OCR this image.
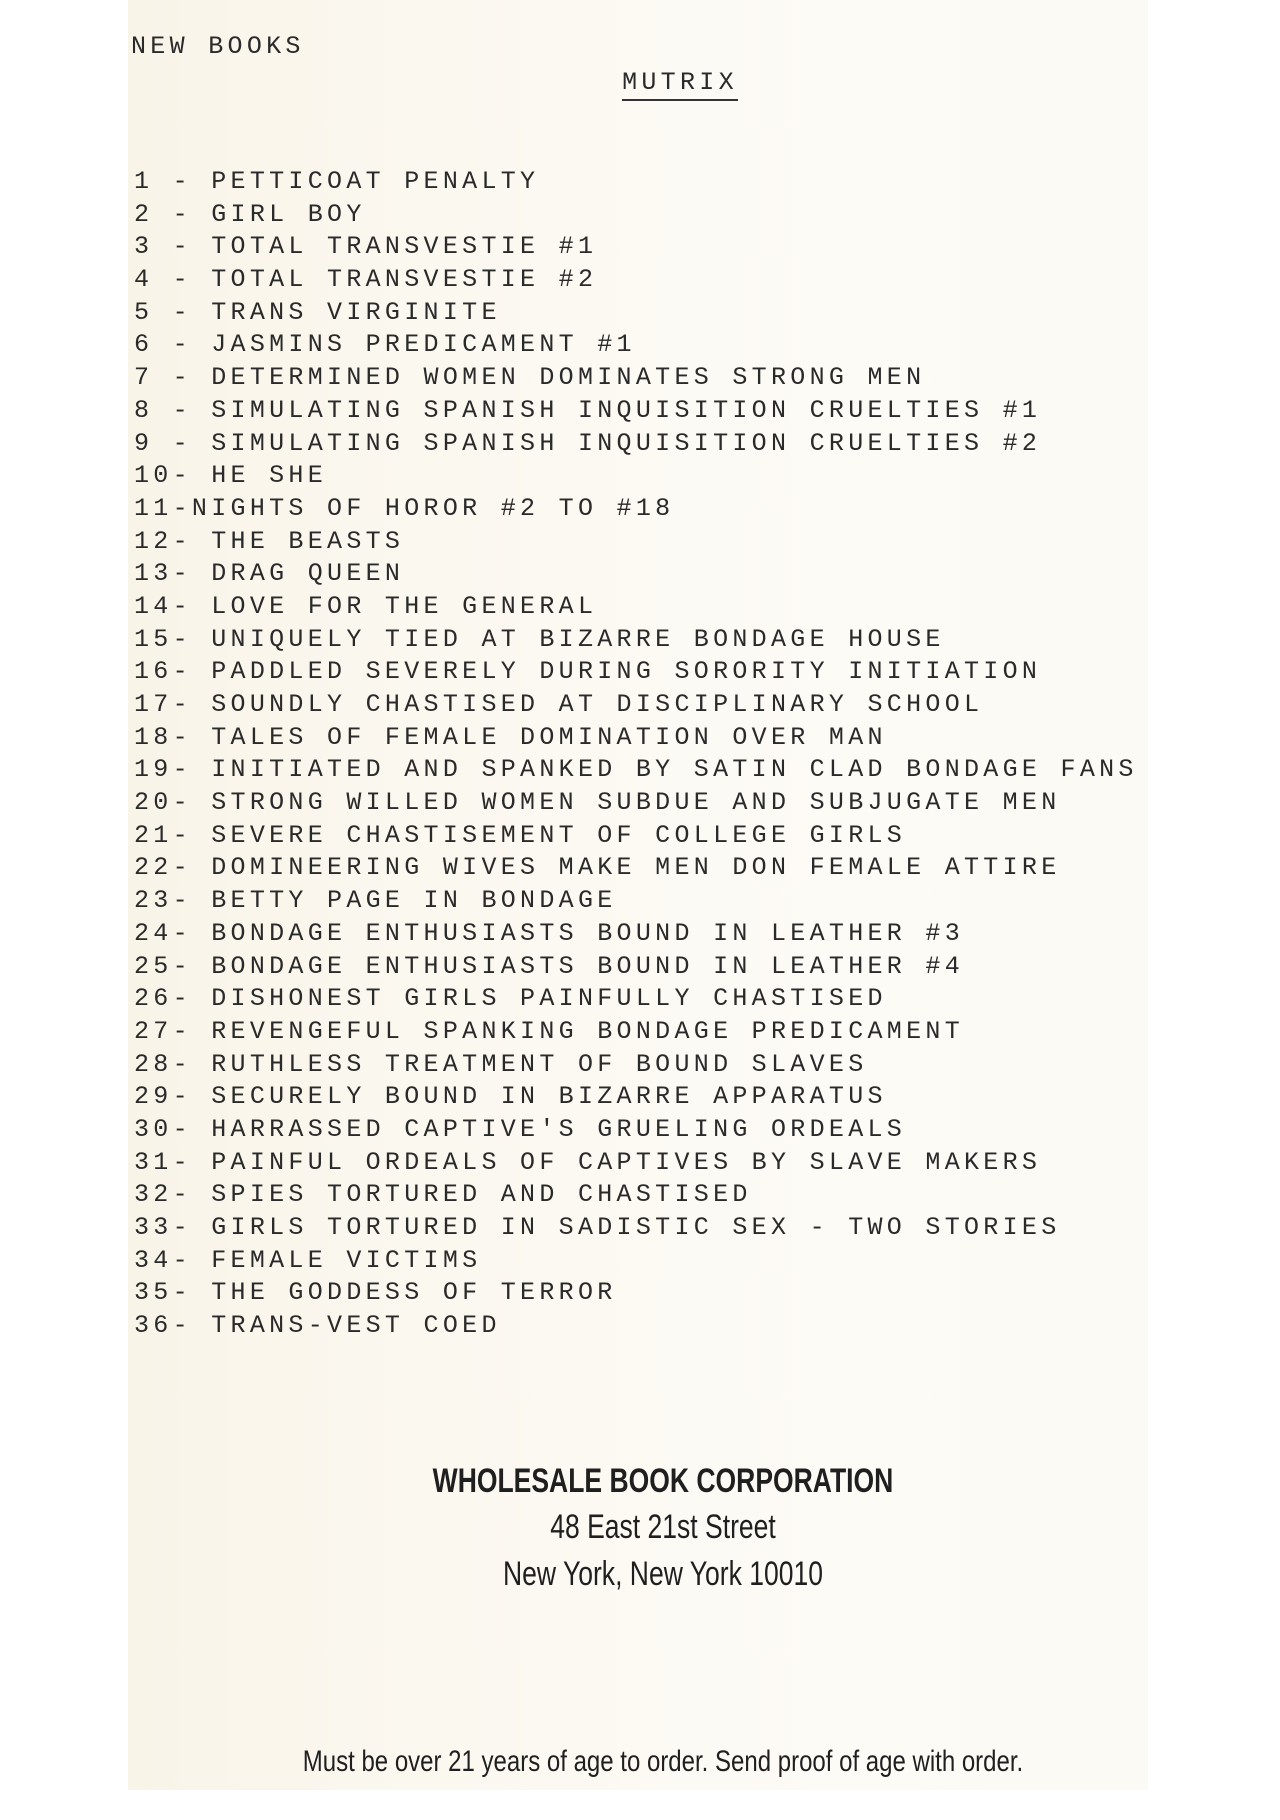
NEW BOOKS
MUTRIX
1 - PETTICOAT PENALTY
2 - GIRL BOY
3 - TOTAL TRANSVESTIE #1
4 - TOTAL TRANSVESTIE #2
5 - TRANS VIRGINITE
6 - JASMINS PREDICAMENT #1
7 - DETERMINED WOMEN DOMINATES STRONG MEN
8 - SIMULATING SPANISH INQUISITION CRUELTIES #1
9 - SIMULATING SPANISH INQUISITION CRUELTIES #2
10- HE SHE
11-NIGHTS OF HOROR #2 TO #18
12- THE BEASTS
13- DRAG QUEEN
14- LOVE FOR THE GENERAL
15- UNIQUELY TIED AT BIZARRE BONDAGE HOUSE
16- PADDLED SEVERELY DURING SORORITY INITIATION
17- SOUNDLY CHASTISED AT DISCIPLINARY SCHOOL
18- TALES OF FEMALE DOMINATION OVER MAN
19- INITIATED AND SPANKED BY SATIN CLAD BONDAGE FANS
20- STRONG WILLED WOMEN SUBDUE AND SUBJUGATE MEN
21- SEVERE CHASTISEMENT OF COLLEGE GIRLS
22- DOMINEERING WIVES MAKE MEN DON FEMALE ATTIRE
23- BETTY PAGE IN BONDAGE
24- BONDAGE ENTHUSIASTS BOUND IN LEATHER #3
25- BONDAGE ENTHUSIASTS BOUND IN LEATHER #4
26- DISHONEST GIRLS PAINFULLY CHASTISED
27- REVENGEFUL SPANKING BONDAGE PREDICAMENT
28- RUTHLESS TREATMENT OF BOUND SLAVES
29- SECURELY BOUND IN BIZARRE APPARATUS
30- HARRASSED CAPTIVE'S GRUELING ORDEALS
31- PAINFUL ORDEALS OF CAPTIVES BY SLAVE MAKERS
32- SPIES TORTURED AND CHASTISED
33- GIRLS TORTURED IN SADISTIC SEX - TWO STORIES
34- FEMALE VICTIMS
35- THE GODDESS OF TERROR
36- TRANS-VEST COED
WHOLESALE BOOK CORPORATION
48 East 21st Street
New York, New York 10010
Must be over 21 years of age to order. Send proof of age with order.
